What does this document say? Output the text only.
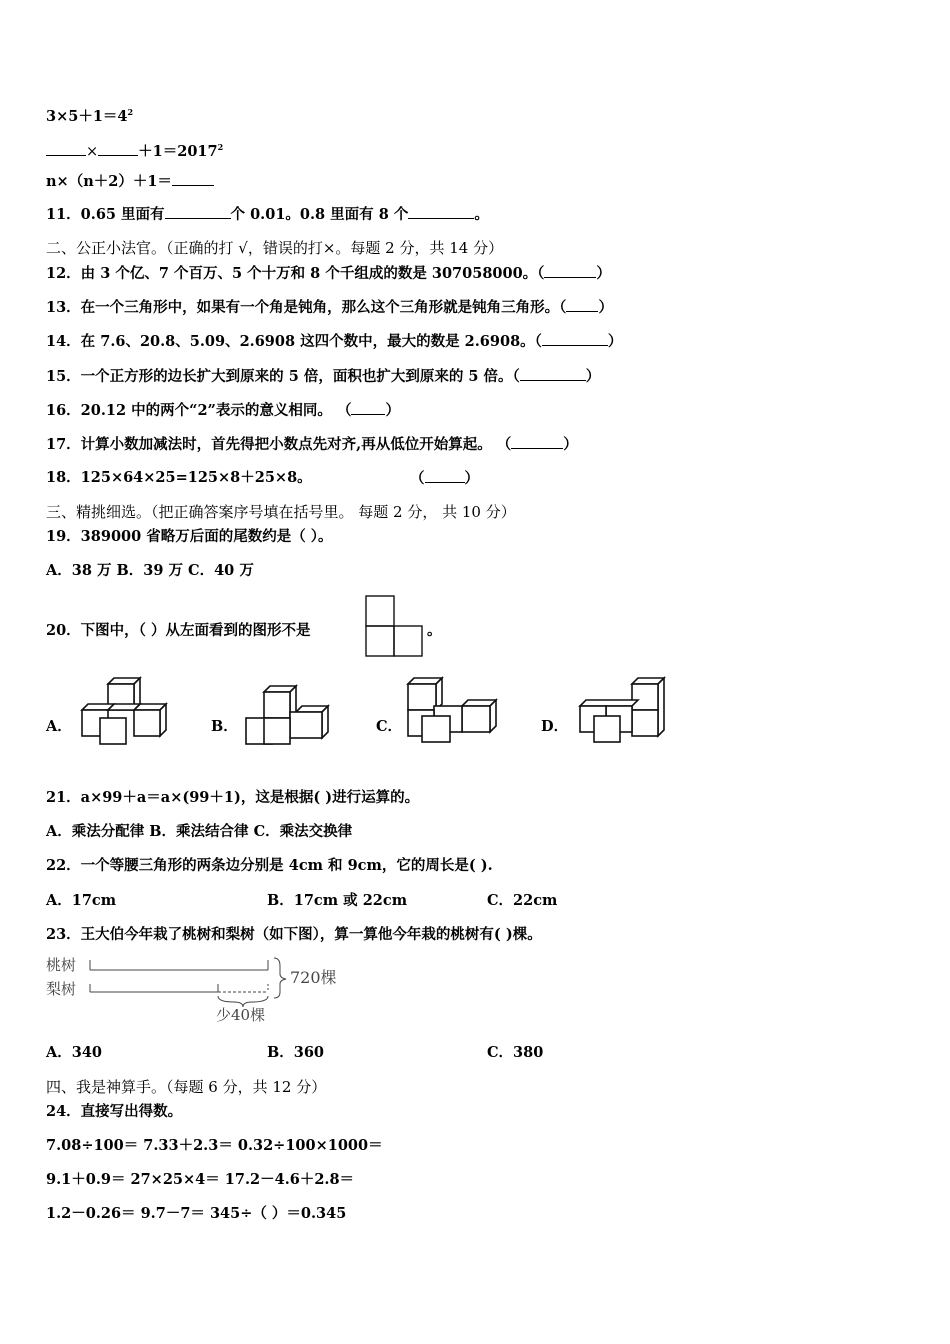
$3\times 5+1=4^2$
×	$+1=2017^2$
n×（n＋2）＋1＝
11．0.65 里面有	个 0.01。0.8 里面有 8 个	。
二、公正小法官。（正确的打 √，错误的打×。每题 2 分，共 14 分）
12．由 3 个亿、7 个百万、5 个十万和 8 个千组成的数是 307058000。（	）
13．在一个三角形中，如果有一个角是钝角，那么这个三角形就是钝角三角形。（ ）
14．在 7.6、20.8、5.09、2.6908 这四个数中，最大的数是 2.6908。（	）
15．一个正方形的边长扩大到原来的 5 倍，面积也扩大到原来的 5 倍。（	）
16．20.12 中的两个“2”表示的意义相同。 （ ）
17．计算小数加减法时，首先得把小数点先对齐,再从低位开始算起。 （	）
18．125×64×25=125×8＋25×8。	（	）
三、精挑细选。（把正确答案序号填在括号里。 每题 2 分， 共 10 分）
19．389000 省略万后面的尾数约是（ ）。
A．38 万 B．39 万 C．40 万
20．下图中，（ ）从左面看到的图形不是	。
A．	B．	C．	D．
21．a×99＋a＝a×(99＋1)，这是根据( )进行运算的。
A．乘法分配律 B．乘法结合律 C．乘法交换律
22．一个等腰三角形的两条边分别是 4cm 和 9cm，它的周长是( ).
A．17cm	B．17cm 或 22cm	C．22cm
23．王大伯今年栽了桃树和梨树（如下图），算一算他今年栽的桃树有( )棵。
桃树
梨树
720棵
少40棵
A．340	B．360	C．380
四、我是神算手。（每题 6 分，共 12 分）
24．直接写出得数。
7.08÷100＝ 7.33＋2.3＝ 0.32÷100×1000＝
9.1＋0.9＝ 27×25×4＝ 17.2－4.6＋2.8＝
1.2－0.26＝ 9.7－7＝ 345÷（ ）＝0.345
